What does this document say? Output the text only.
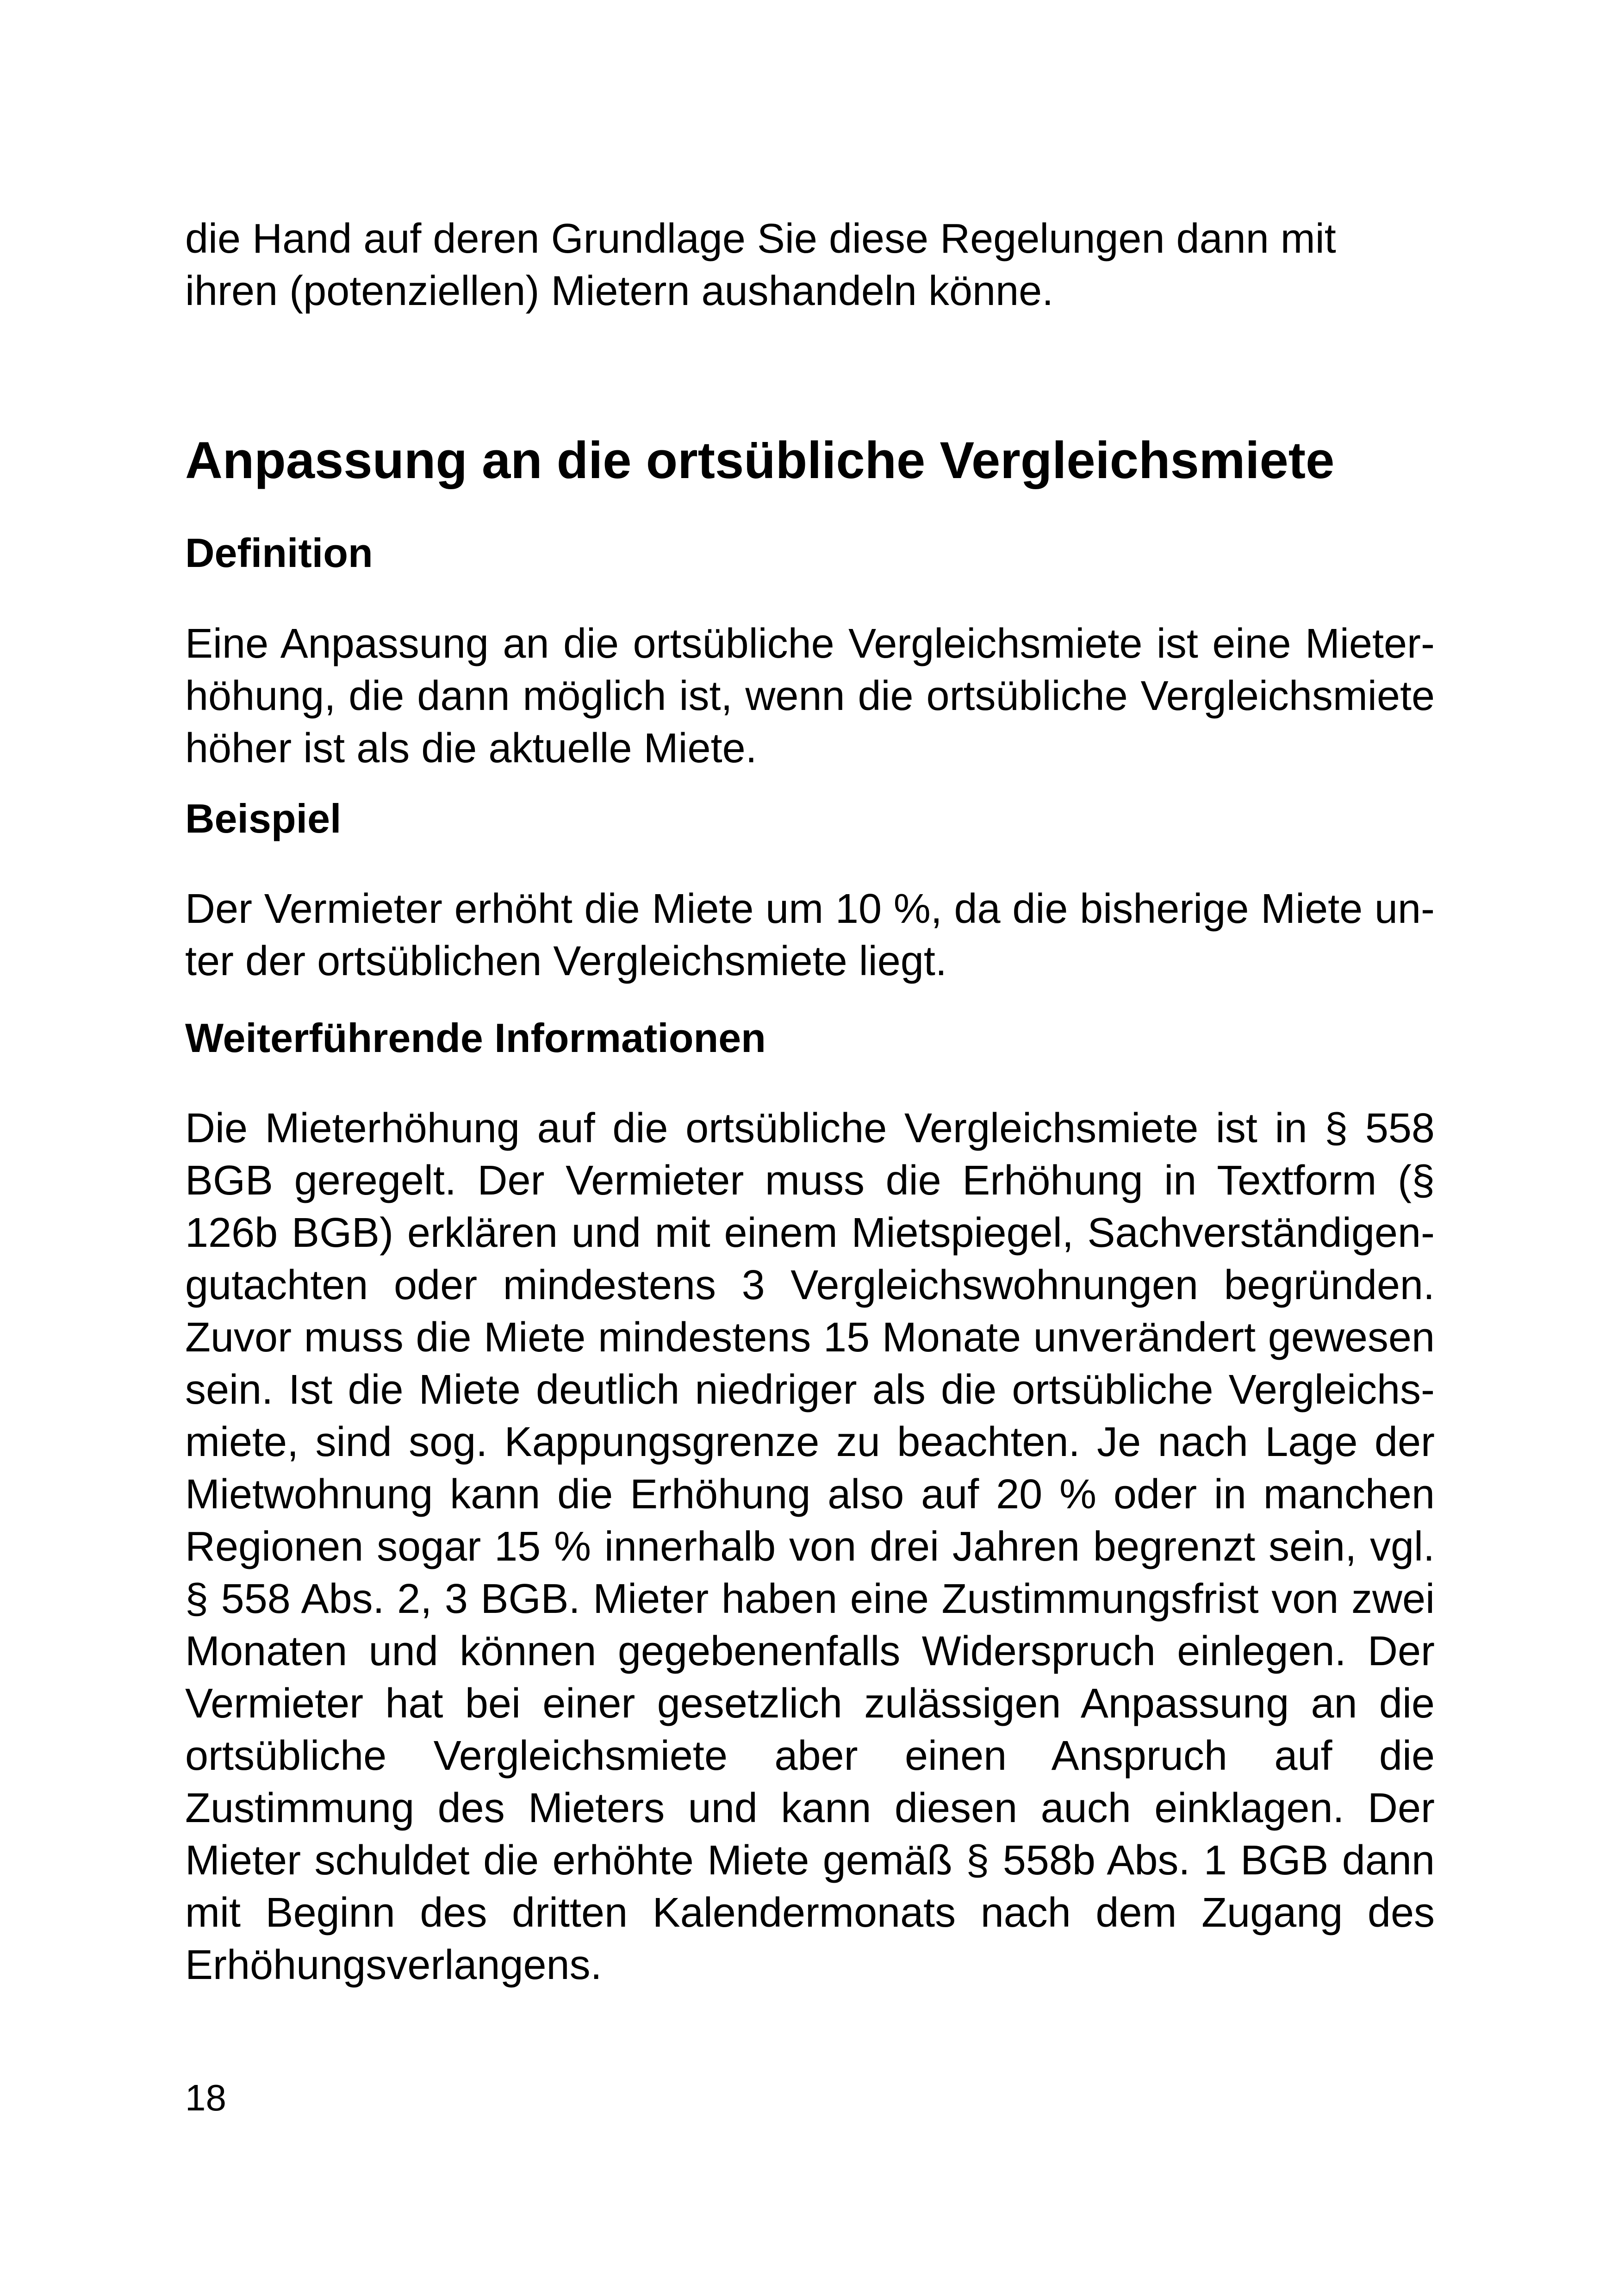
die Hand auf deren Grundlage Sie diese Regelungen dann mit ihren (potenziellen) Mietern aushandeln könne.

Anpassung an die ortsübliche Vergleichsmiete
Definition

Eine Anpassung an die ortsübliche Vergleichsmiete ist eine Mieterhöhung, die dann möglich ist, wenn die ortsübliche Vergleichsmiete höher ist als die aktuelle Miete.

Beispiel

Der Vermieter erhöht die Miete um 10 %, da die bisherige Miete unter der ortsüblichen Vergleichsmiete liegt.

Weiterführende Informationen

Die Mieterhöhung auf die ortsübliche Vergleichsmiete ist in § 558 BGB geregelt. Der Vermieter muss die Erhöhung in Textform (§ 126b BGB) erklären und mit einem Mietspiegel, Sachverständigengutachten oder mindestens 3 Vergleichswohnungen begründen. Zuvor muss die Miete mindestens 15 Monate unverändert gewesen sein. Ist die Miete deutlich niedriger als die ortsübliche Vergleichsmiete, sind sog. Kappungsgrenze zu beachten. Je nach Lage der Mietwohnung kann die Erhöhung also auf 20 % oder in manchen Regionen sogar 15 % innerhalb von drei Jahren begrenzt sein, vgl. § 558 Abs. 2, 3 BGB. Mieter haben eine Zustimmungsfrist von zwei Monaten und können gegebenenfalls Widerspruch einlegen. Der Vermieter hat bei einer gesetzlich zulässigen Anpassung an die ortsübliche Vergleichsmiete aber einen Anspruch auf die Zustimmung des Mieters und kann diesen auch einklagen. Der Mieter schuldet die erhöhte Miete gemäß § 558b Abs. 1 BGB dann mit Beginn des dritten Kalendermonats nach dem Zugang des Erhöhungsverlangens.

18
